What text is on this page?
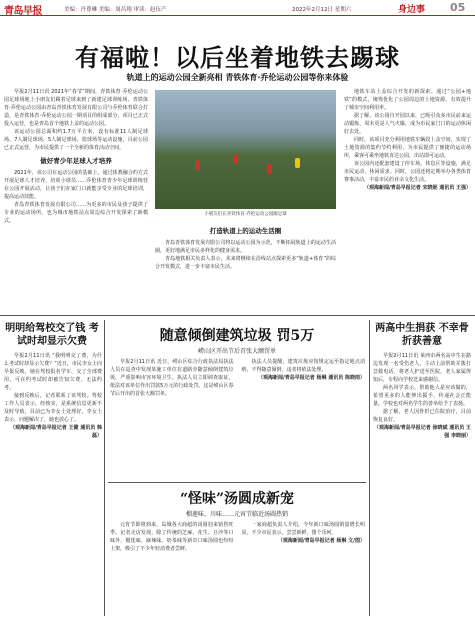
青岛早报	美编：丹尊琳 美编：周昌翔 审读：赵伍产	2022年2月12日 星期六	身边事 05
有福啦！以后坐着地铁去踢球
轨道上的运动公园全新亮相 青铁体育·乔伦运动公园等你来体验

早报2月11日讯 2021年“春节”期间，青铁体育·乔伦运动公园足球场地上小朋友们踢着足球来到了新建足球训练场，青铁体育·乔伦运动公园由青岛青铁体育发展有限公司与乔伦体育联合打造，是青铁体育·乔伦运动公园一期项目的组成部分，项目已正式投入运营，也是青岛首个地铁上盖的运动公园。

该运动公园总面积约1.7万平方米，设有标准11人制足球场、7人制足球场、5人制足球场、篮球场等运动设施，目前公园已正式运营，为市民提供了一个全新的体育活动空间。

做好青少年足球人才培养

2021年，该公司在运动公园的基础上，通过体教融合的方式开展足球人才培养，培训小球员……乔伦体育青少年足球训练营在公园开展活动，让孩子们在家门口就能享受专业的足球培训，提高运动技能。

青岛青铁体育发展有限公司……为更多的市民及孩子提供了专业的运动场所，也为城市地铁站点周边综合开发探索了新模式。

小朋友们在青铁体育·乔伦运动公园踢足球

打造轨道上的运动生活圈

青岛青铁体育发展有限公司将以运动公园为示范，不断拓展轨道上的运动生活圈，更好地满足市民多样化的健身需求。

青岛地铁相关负责人表示，未来将继续在沿线站点探索更多“轨道+体育”的综合开发模式，进一步丰富市民生活。

地铁车站上盖综合开发的新探索。通过“公园+地铁”的模式，统筹优化了公园周边的土地资源，有效提升了城市空间利用率。

据了解，该公园自开园以来，已吸引众多市民前来运动锻炼，周末更是人气火爆，成为市民家门口的运动休闲好去处。

同时，该项目充分利用地铁车辆段上盖空间，实现了土地资源的集约节约利用，为市民提供了便捷的运动场所，乘客可乘坐地铁直达公园，出站即可运动。

该公园内还配套建设了停车场、休息区等设施，满足市民运动、休闲需求。同时，公园还将定期举办各类体育赛事活动，丰富市民的业余文化生活。

（观海新闻/青岛早报记者 宋晓妮 通讯员 王强）

明明给驾校交了钱 考试时却显示欠费

早报2月11日讯 “我明明交了费，为什么考试时却显示欠费？”近日，市民李女士向早报反映，她在驾校报名学车，交了全部费用，可在约考试时却被告知欠费，无法约考。

接到反映后，记者联系了该驾校。驾校工作人员表示，经核实，是系统信息更新不及时导致，目前已为李女士处理好。李女士表示，问题解决了，她也放心了。

（观海新闻/青岛早报记者 王健 通讯员 韩磊）

随意倾倒建筑垃圾 罚5万
崂山区开出节后首张大额罚单

早报2月11日讯 近日，崂山区综合行政执法局执法人员在巡查中发现某施工单位在道路旁随意倾倒建筑垃圾，严重影响市容环境卫生。执法人员立即调查取证，依法对该单位作出罚款5万元的行政处罚。这是崂山区春节后开出的首张大额罚单。

执法人员提醒，建筑垃圾应按规定运至指定地点消纳，不得随意倾倒，违者将依法处理。

（观海新闻/青岛早报记者 杨琳 通讯员 陈晓雨）

“怪味”汤圆成新宠
榴莲味、川味……元宵节临近汤圆热销

元宵节即将到来，岛城各大商超的汤圆迎来销售旺季。记者走访发现，除了传统的芝麻、花生、豆沙等口味外，榴莲味、麻辣味、奶茶味等新奇口味汤圆也纷纷上架，吸引了不少年轻消费者尝鲜。

一家商超负责人介绍，今年新口味汤圆销量增长明显，不少市民表示，尝尝新鲜，图个乐呵。

（观海新闻/青岛早报记者 杨琳 文/图）

两高中生捐获 不幸骨折获善意

早报2月11日讯 莱西市两名高中生在路边发现一名受伤老人，主动上前帮助并拨打急救电话，将老人护送至医院。老人家属得知后，专程向学校送来感谢信。

两名同学表示，帮助他人是应该做的，希望更多的人能伸出援手，传递社会正能量。学校也对两名学生的善举给予了表扬。

据了解，老人因骨折已住院治疗，目前恢复良好。

（观海新闻/青岛早报记者 徐晓斌 通讯员 王强 李晓丽）
